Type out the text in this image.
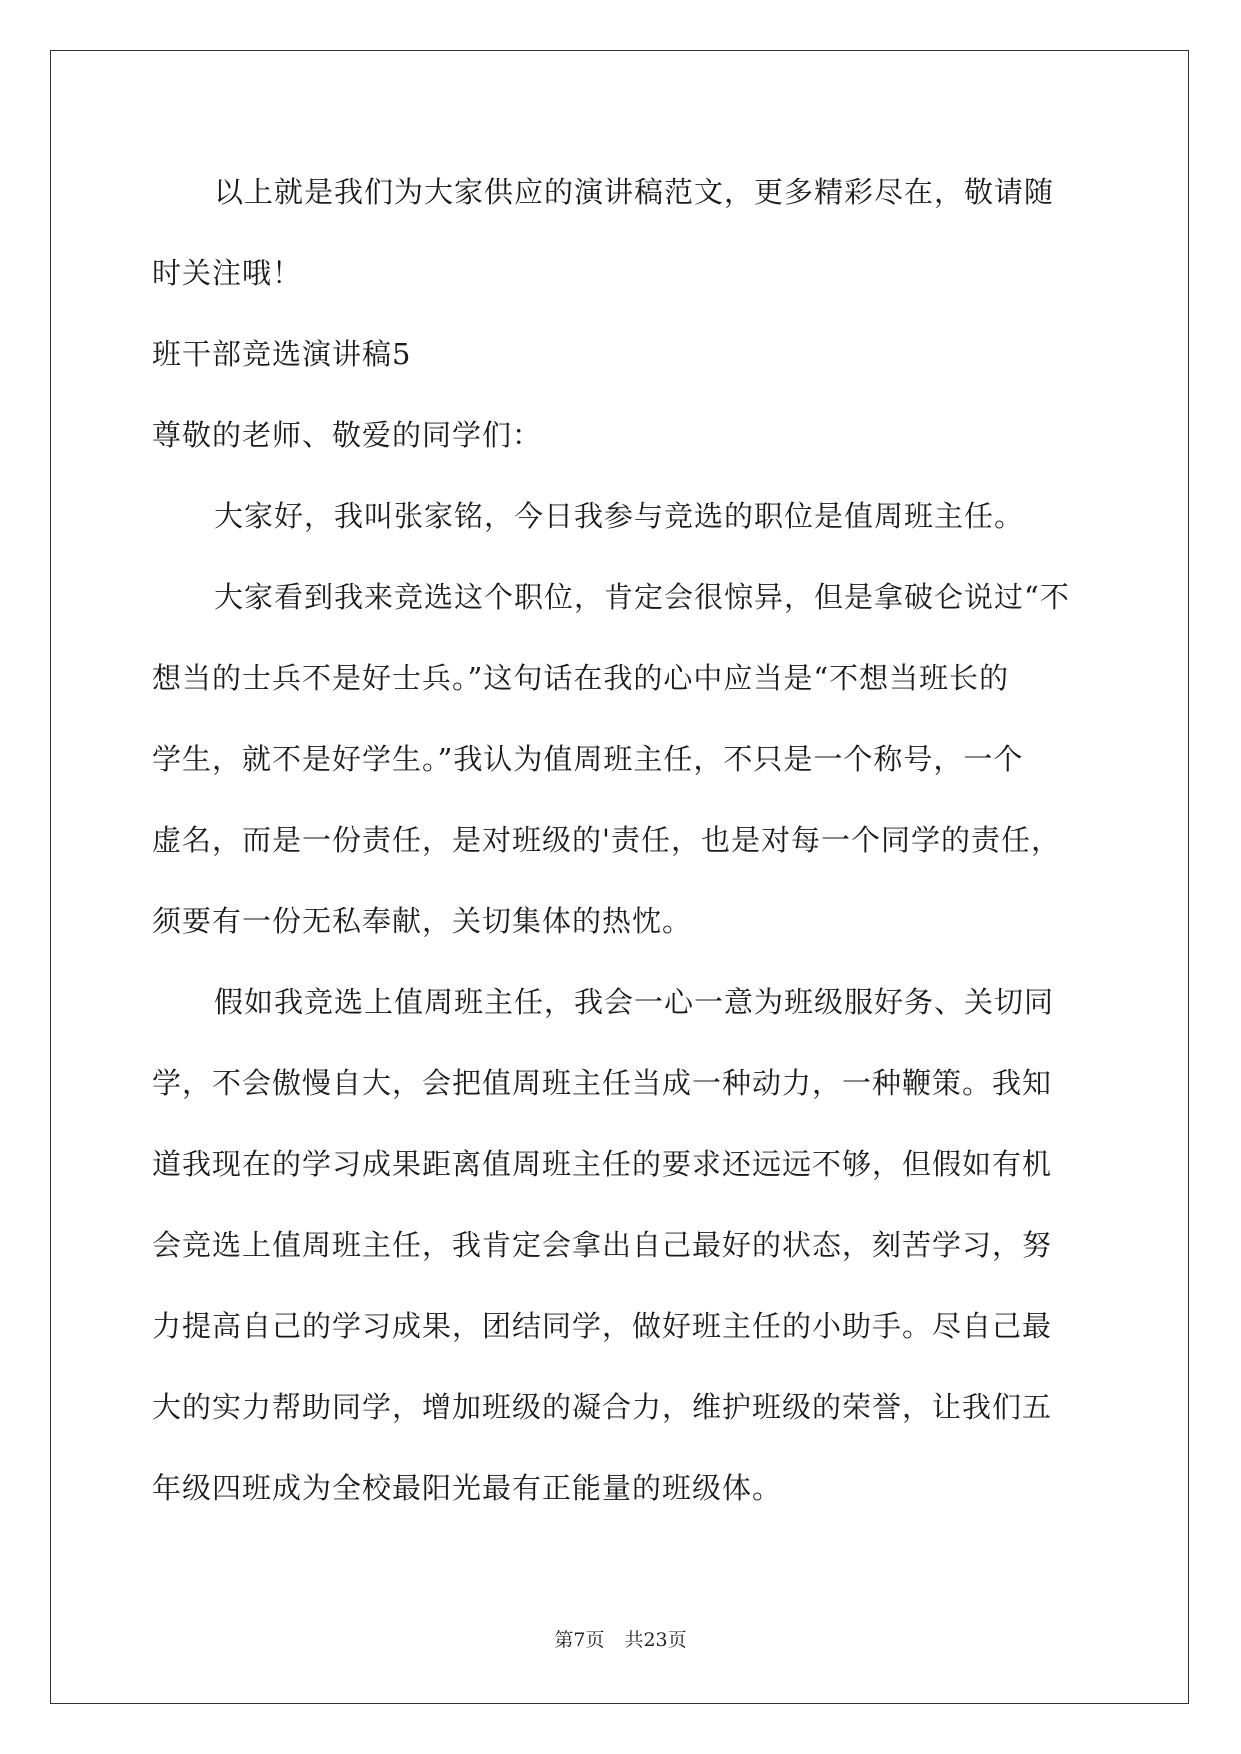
以上就是我们为大家供应的演讲稿范文，更多精彩尽在，敬请随
时关注哦！
班干部竞选演讲稿5
尊敬的老师、敬爱的同学们：
大家好，我叫张家铭，今日我参与竞选的职位是值周班主任。
大家看到我来竞选这个职位，肯定会很惊异，但是拿破仑说过“不
想当的士兵不是好士兵。”这句话在我的心中应当是“不想当班长的
学生，就不是好学生。”我认为值周班主任，不只是一个称号，一个
虚名，而是一份责任，是对班级的'责任，也是对每一个同学的责任，
须要有一份无私奉献，关切集体的热忱。
假如我竞选上值周班主任，我会一心一意为班级服好务、关切同
学，不会傲慢自大，会把值周班主任当成一种动力，一种鞭策。我知
道我现在的学习成果距离值周班主任的要求还远远不够，但假如有机
会竞选上值周班主任，我肯定会拿出自己最好的状态，刻苦学习，努
力提高自己的学习成果，团结同学，做好班主任的小助手。尽自己最
大的实力帮助同学，增加班级的凝合力，维护班级的荣誉，让我们五
年级四班成为全校最阳光最有正能量的班级体。
第7页 共23页
